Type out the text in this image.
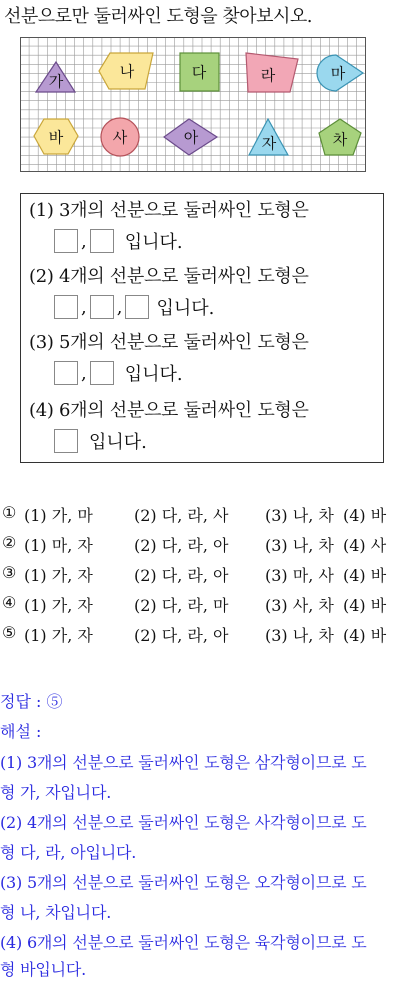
선분으로만 둘러싸인 도형을 찾아보시오.
가
나	다	라	마
바	사	아	자	차
(1) 3개의 선분으로 둘러싸인 도형은
, 입니다.
(2) 4개의 선분으로 둘러싸인 도형은
, , 입니다.
(3) 5개의 선분으로 둘러싸인 도형은
, 입니다.
(4) 6개의 선분으로 둘러싸인 도형은
입니다.
① (1) 가, 마	(2) 다, 라, 사 (3) 나, 차 (4) 바
② (1) 마, 자	(2) 다, 라, 아 (3) 나, 차 (4) 사
③ (1) 가, 자	(2) 다, 라, 아 (3) 마, 사 (4) 바
④ (1) 가, 자	(2) 다, 라, 마 (3) 사, 차 (4) 바
⑤ (1) 가, 자	(2) 다, 라, 아 (3) 나, 차 (4) 바
정답 : ⑤
해설 :
(1) 3개의 선분으로 둘러싸인 도형은 삼각형이므로 도
형 가, 자입니다.
(2) 4개의 선분으로 둘러싸인 도형은 사각형이므로 도
형 다, 라, 아입니다.
(3) 5개의 선분으로 둘러싸인 도형은 오각형이므로 도
형 나, 차입니다.
(4) 6개의 선분으로 둘러싸인 도형은 육각형이므로 도
형 바입니다.
